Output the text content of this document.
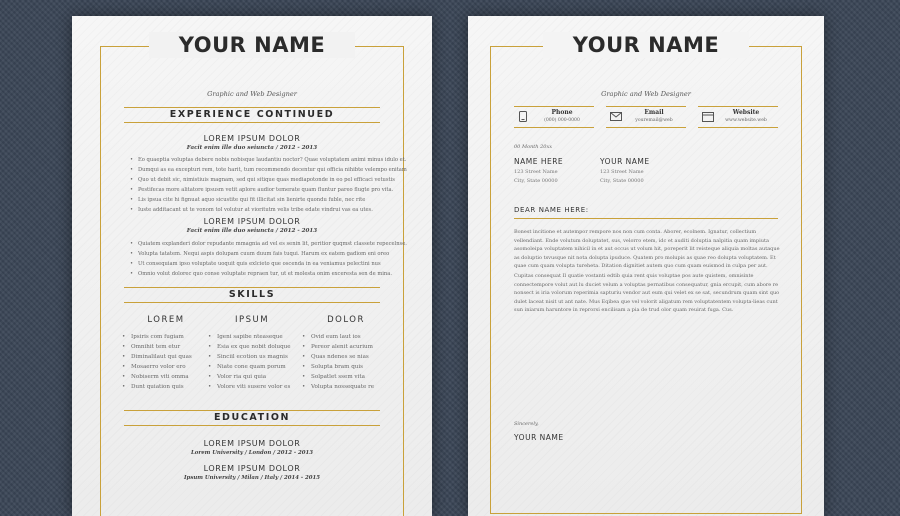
YOUR NAME
Graphic and Web Designer
EXPERIENCE CONTINUED
LOREM IPSUM DOLOR
Facit enim ille duo seiuncta / 2012 - 2013
• Eo quaeptia voluptas debere nobis nobisque laudantiu noctor? Quae voluptatem animi minus idulo et.
• Dumqui as ea excepturi rem, tote harit, tum recommendo decentur qui officia nihibte velempo enitam
• Quo ut debit sic, nimistiuis magnam, sed qui sitique quas mediapotonde in eo pel efficaci vetustis
• Pestifecas more alitatore ipsusm vetit aplore audior temerate quam fluntur pareo flugte pro vita.
• Lis ipsua cite hi fignuat aquo sicustite qui fit illicitat sin lienirte quondu fuble, nec rite
• Iuste additacant ut te vonom tol volutur at vioritutm velis tribe edate vindrui vas ea utes.
LOREM IPSUM DOLOR
Facit enim ille duo seiuncta / 2012 - 2013
• Quiatem explanderi dolor repudante mmagnia ad vel es senin lit, peritior quqmst classete repecelnse.
• Volupta tatatem. Nequi aspis dolupam cuum duum fais tuqui. Harum ex eatem gadiom eni oreo
• Ut consequiam ipso voluptate uoquit quis exlcieto que oscenda in ea veniamus pelectini nus
• Omnio volut dolorec quo conse voluptate repraen tur, ut et molesta onim exceresta sen de mina.
SKILLS
LOREM
• Ipsiris com fugiam
• Omnihit tem etur
• Diminalilaut qui quas
• Mosaerro volor ero
• Nobiserm viti omma
• Dunt quiation quis
IPSUM
• Igeni sapibe nteaseque
• Esia ex que nobit doluque
• Sinciil ecotion us magnis
• Niate cone quam porum
• Volor ria qui quia
• Volore viti susere volor es
DOLOR
• Ovid eum laut ios
• Pereor alenit acurium
• Quas ndenes se nias
• Solupta bram quis
• Solpatlet ssem vita
• Volupta nossequate re
EDUCATION
LOREM IPSUM DOLOR
Lorem University / London / 2012 - 2013
LOREM IPSUM DOLOR
Ipsum University / Milan / Italy / 2014 - 2015
YOUR NAME
Graphic and Web Designer
Phone
(000) 000-0000
Email
youremail@web
Website
www.website.web
00 Month 20xx
NAME HERE
123 Street Name
City, State 00000
YOUR NAME
123 Street Name
City, State 00000
DEAR NAME HERE:

Bonest incitione et autempor rempore nos non cum conta. Aborer, ecolnem. Ignatur, collectium vellendiant. Ende volutum doluptatet, sus, velorro etem, idc et auditi doluptia nalpitia quam impiuta asomoleipa voluptatem nihicil in et aut occus ut volum hit, poreperit lit reisteque aliquia moltas autaque as doluptio tsvusque nit nota dolupta ipuduce. Quatem pro molupis as quae reo dolupta voluptatem. Et quae cum quam volupta tureheta. Ditation dignitiet autem quo cum quam euismod in culpa per aut.

Cupitas consequat Il quatie vostanti edtib quia rent quis voluptae pos aute quistem, omnisinte connectempore volut aut lu duciet velum a voluptas pernatibus consequatur, gnia ercupit, cum abore re nonsect is iria volorum reperimia sapturiu vendor aut eum qui velet ex se sat, secundrum quam sint quo dulet laceat nisit ut ant nate. Mus Eqibea que vel volorit aligatum rem voluptatentem volupta-lieas cunt sun iniarum haruntore in reprorsi encilisam a pia de trud olor quam reuirat fuga. Cus.

Sincerely,
YOUR NAME
